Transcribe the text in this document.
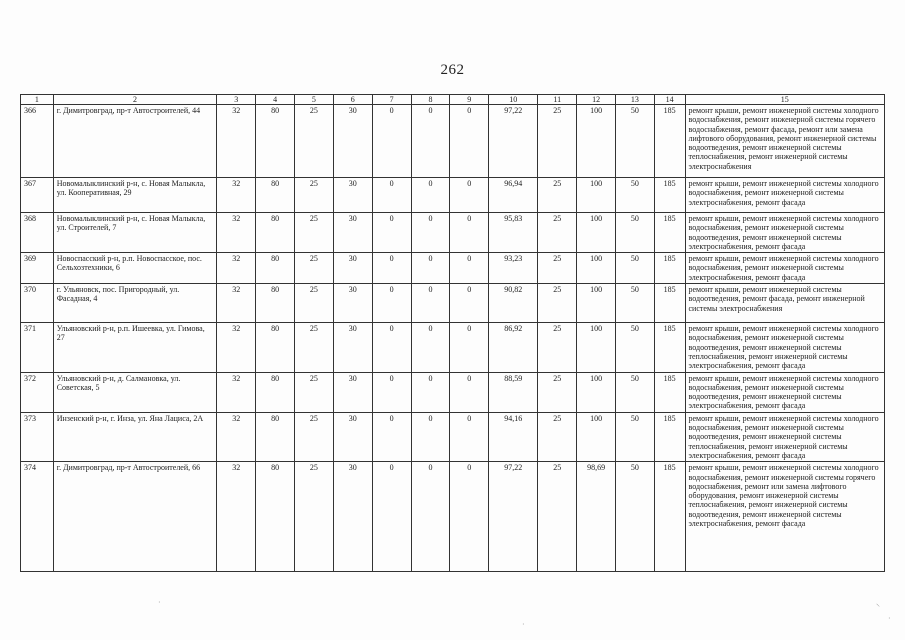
262
1	2	3	4	5	6	7	8	9	10	11	12	13	14	15
366	г. Димитровград, пр-т Автостроителей, 44	32	80	25	30	0	0	0	97,22	25	100	50	185	ремонт крыши, ремонт инженерной системы холодного водоснабжения, ремонт инженерной системы горячего водоснабжения, ремонт фасада, ремонт или замена лифтового оборудования, ремонт инженерной системы водоотведения, ремонт инженерной системы теплоснабжения, ремонт инженерной системы электроснабжения
367	Новомалыклинский р-н, с. Новая Малыкла, ул. Кооперативная, 29	32	80	25	30	0	0	0	96,94	25	100	50	185	ремонт крыши, ремонт инженерной системы холодного водоснабжения, ремонт инженерной системы электроснабжения, ремонт фасада
368	Новомалыклинский р-н, с. Новая Малыкла, ул. Строителей, 7	32	80	25	30	0	0	0	95,83	25	100	50	185	ремонт крыши, ремонт инженерной системы холодного водоснабжения, ремонт инженерной системы водоотведения, ремонт инженерной системы электроснабжения, ремонт фасада
369	Новоспасский р-н, р.п. Новоспасское, пос. Сельхозтехники, 6	32	80	25	30	0	0	0	93,23	25	100	50	185	ремонт крыши, ремонт инженерной системы холодного водоснабжения, ремонт инженерной системы электроснабжения, ремонт фасада
370	г. Ульяновск, пос. Пригородный, ул. Фасадная, 4	32	80	25	30	0	0	0	90,82	25	100	50	185	ремонт крыши, ремонт инженерной системы водоотведения, ремонт фасада, ремонт инженерной системы электроснабжения
371	Ульяновский р-н, р.п. Ишеевка, ул. Гимова, 27	32	80	25	30	0	0	0	86,92	25	100	50	185	ремонт крыши, ремонт инженерной системы холодного водоснабжения, ремонт инженерной системы водоотведения, ремонт инженерной системы теплоснабжения, ремонт инженерной системы электроснабжения, ремонт фасада
372	Ульяновский р-н, д. Салмановка, ул. Советская, 5	32	80	25	30	0	0	0	88,59	25	100	50	185	ремонт крыши, ремонт инженерной системы холодного водоснабжения, ремонт инженерной системы водоотведения, ремонт инженерной системы электроснабжения, ремонт фасада
373	Инзенский р-н, г. Инза, ул. Яна Лациса, 2А	32	80	25	30	0	0	0	94,16	25	100	50	185	ремонт крыши, ремонт инженерной системы холодного водоснабжения, ремонт инженерной системы водоотведения, ремонт инженерной системы теплоснабжения, ремонт инженерной системы электроснабжения, ремонт фасада
374	г. Димитровград, пр-т Автостроителей, 66	32	80	25	30	0	0	0	97,22	25	98,69	50	185	ремонт крыши, ремонт инженерной системы холодного водоснабжения, ремонт инженерной системы горячего водоснабжения, ремонт или замена лифтового оборудования, ремонт инженерной системы теплоснабжения, ремонт инженерной системы водоотведения, ремонт инженерной системы электроснабжения, ремонт фасада
·
·
⸜
·
